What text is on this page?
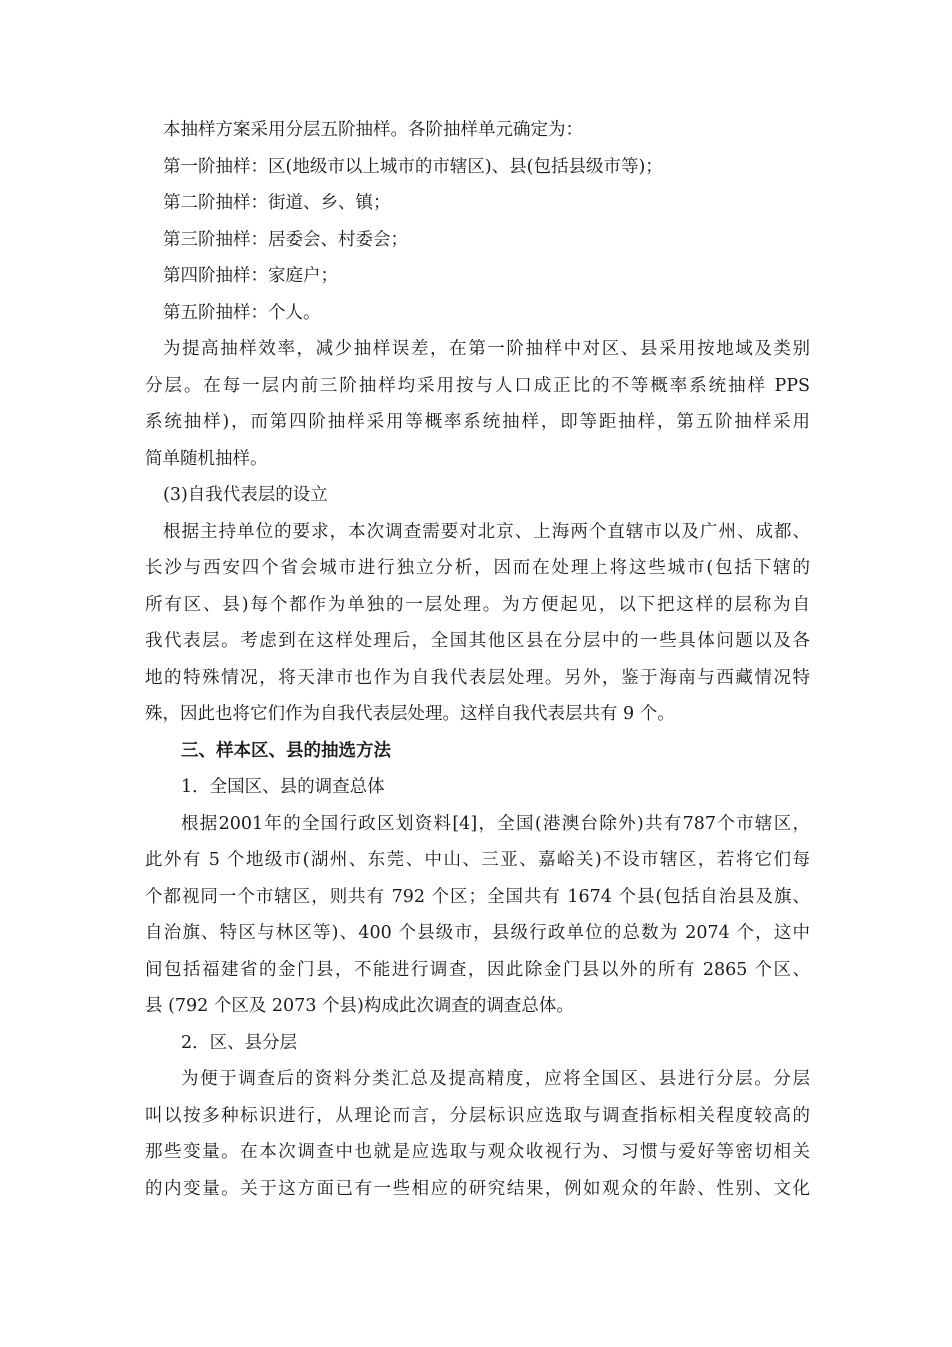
本抽样方案采用分层五阶抽样。各阶抽样单元确定为：
第一阶抽样：区(地级市以上城市的市辖区)、县(包括县级市等)；
第二阶抽样：街道、乡、镇；
第三阶抽样：居委会、村委会；
第四阶抽样：家庭户；
第五阶抽样：个人。
为提高抽样效率，减少抽样误差，在第一阶抽样中对区、县采用按地域及类别
分层。在每一层内前三阶抽样均采用按与人口成正比的不等概率系统抽样 PPS
系统抽样)，而第四阶抽样采用等概率系统抽样，即等距抽样，第五阶抽样采用
简单随机抽样。
(3)自我代表层的设立
根据主持单位的要求，本次调查需要对北京、上海两个直辖市以及广州、成都、
长沙与西安四个省会城市进行独立分析，因而在处理上将这些城市(包括下辖的
所有区、县)每个都作为单独的一层处理。为方便起见，以下把这样的层称为自
我代表层。考虑到在这样处理后，全国其他区县在分层中的一些具体问题以及各
地的特殊情况，将天津市也作为自我代表层处理。另外，鉴于海南与西藏情况特
殊，因此也将它们作为自我代表层处理。这样自我代表层共有 9 个。
三、样本区、县的抽选方法
1．全国区、县的调查总体
根据2001年的全国行政区划资料[4]，全国(港澳台除外)共有787个市辖区，
此外有 5 个地级市(湖州、东莞、中山、三亚、嘉峪关)不设市辖区，若将它们每
个都视同一个市辖区，则共有 792 个区；全国共有 1674 个县(包括自治县及旗、
自治旗、特区与林区等)、400 个县级市，县级行政单位的总数为 2074 个，这中
间包括福建省的金门县，不能进行调查，因此除金门县以外的所有 2865 个区、
县 (792 个区及 2073 个县)构成此次调查的调查总体。
2．区、县分层
为便于调查后的资料分类汇总及提高精度，应将全国区、县进行分层。分层
叫以按多种标识进行，从理论而言，分层标识应选取与调查指标相关程度较高的
那些变量。在本次调查中也就是应选取与观众收视行为、习惯与爱好等密切相关
的内变量。关于这方面已有一些相应的研究结果，例如观众的年龄、性别、文化
